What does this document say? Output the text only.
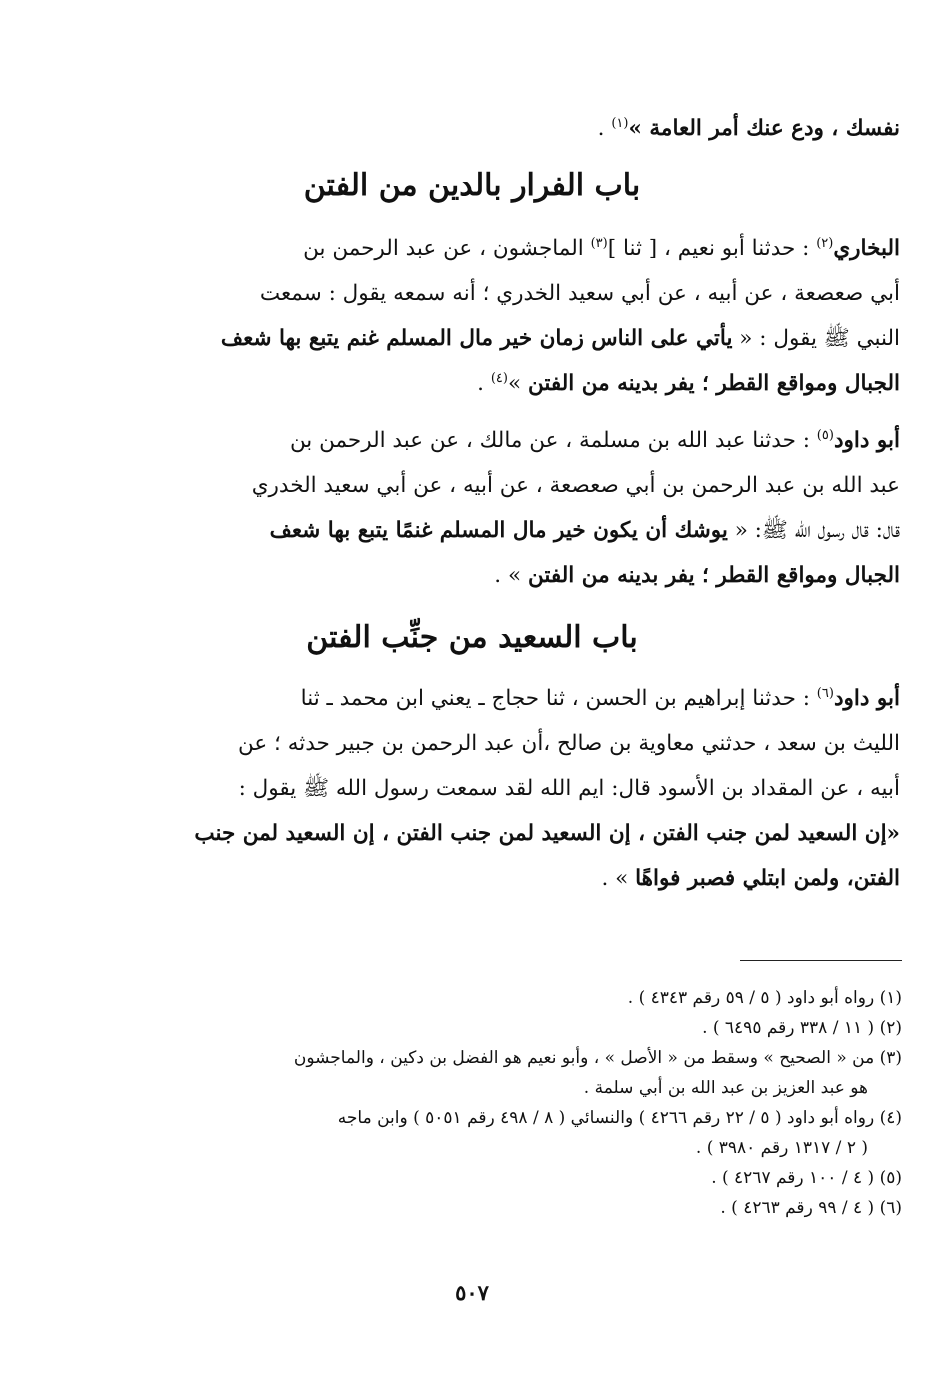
نفسك ، ودع عنك أمر العامة »$^{(١)}$ .
باب الفرار بالدين من الفتن
البخاري$^{(٢)}$ : حدثنا أبو نعيم ، [ ثنا ]$^{(٣)}$ الماجشون ، عن عبد الرحمن بن
أبي صعصعة ، عن أبيه ، عن أبي سعيد الخدري ؛ أنه سمعه يقول : سمعت
النبي ﷺ يقول : « يأتي على الناس زمان خير مال المسلم غنم يتبع بها شعف
الجبال ومواقع القطر ؛ يفر بدينه من الفتن »$^{(٤)}$ .
أبو داود$^{(٥)}$ : حدثنا عبد الله بن مسلمة ، عن مالك ، عن عبد الرحمن بن
عبد الله بن عبد الرحمن بن أبي صعصعة ، عن أبيه ، عن أبي سعيد الخدري
قال: قال رسول الله ﷺ: « يوشك أن يكون خير مال المسلم غنمًا يتبع بها شعف
الجبال ومواقع القطر ؛ يفر بدينه من الفتن » .
باب السعيد من جنِّب الفتن
أبو داود$^{(٦)}$ : حدثنا إبراهيم بن الحسن ، ثنا حجاج ـ يعني ابن محمد ـ ثنا
الليث بن سعد ، حدثني معاوية بن صالح ،أن عبد الرحمن بن جبير حدثه ؛ عن
أبيه ، عن المقداد بن الأسود قال: ايم الله لقد سمعت رسول الله ﷺ يقول :
«إن السعيد لمن جنب الفتن ، إن السعيد لمن جنب الفتن ، إن السعيد لمن جنب
الفتن، ولمن ابتلي فصبر فواهًا » .
(١) رواه أبو داود ( ٥ / ٥٩ رقم ٤٣٤٣ ) .
(٢) ( ١١ / ٣٣٨ رقم ٦٤٩٥ ) .
(٣) من « الصحيح » وسقط من « الأصل » ، وأبو نعيم هو الفضل بن دكين ، والماجشون
هو عبد العزيز بن عبد الله بن أبي سلمة .
(٤) رواه أبو داود ( ٥ / ٢٢ رقم ٤٢٦٦ ) والنسائي ( ٨ / ٤٩٨ رقم ٥٠٥١ ) وابن ماجه
( ٢ / ١٣١٧ رقم ٣٩٨٠ ) .
(٥) ( ٤ / ١٠٠ رقم ٤٢٦٧ ) .
(٦) ( ٤ / ٩٩ رقم ٤٢٦٣ ) .
٥٠٧
